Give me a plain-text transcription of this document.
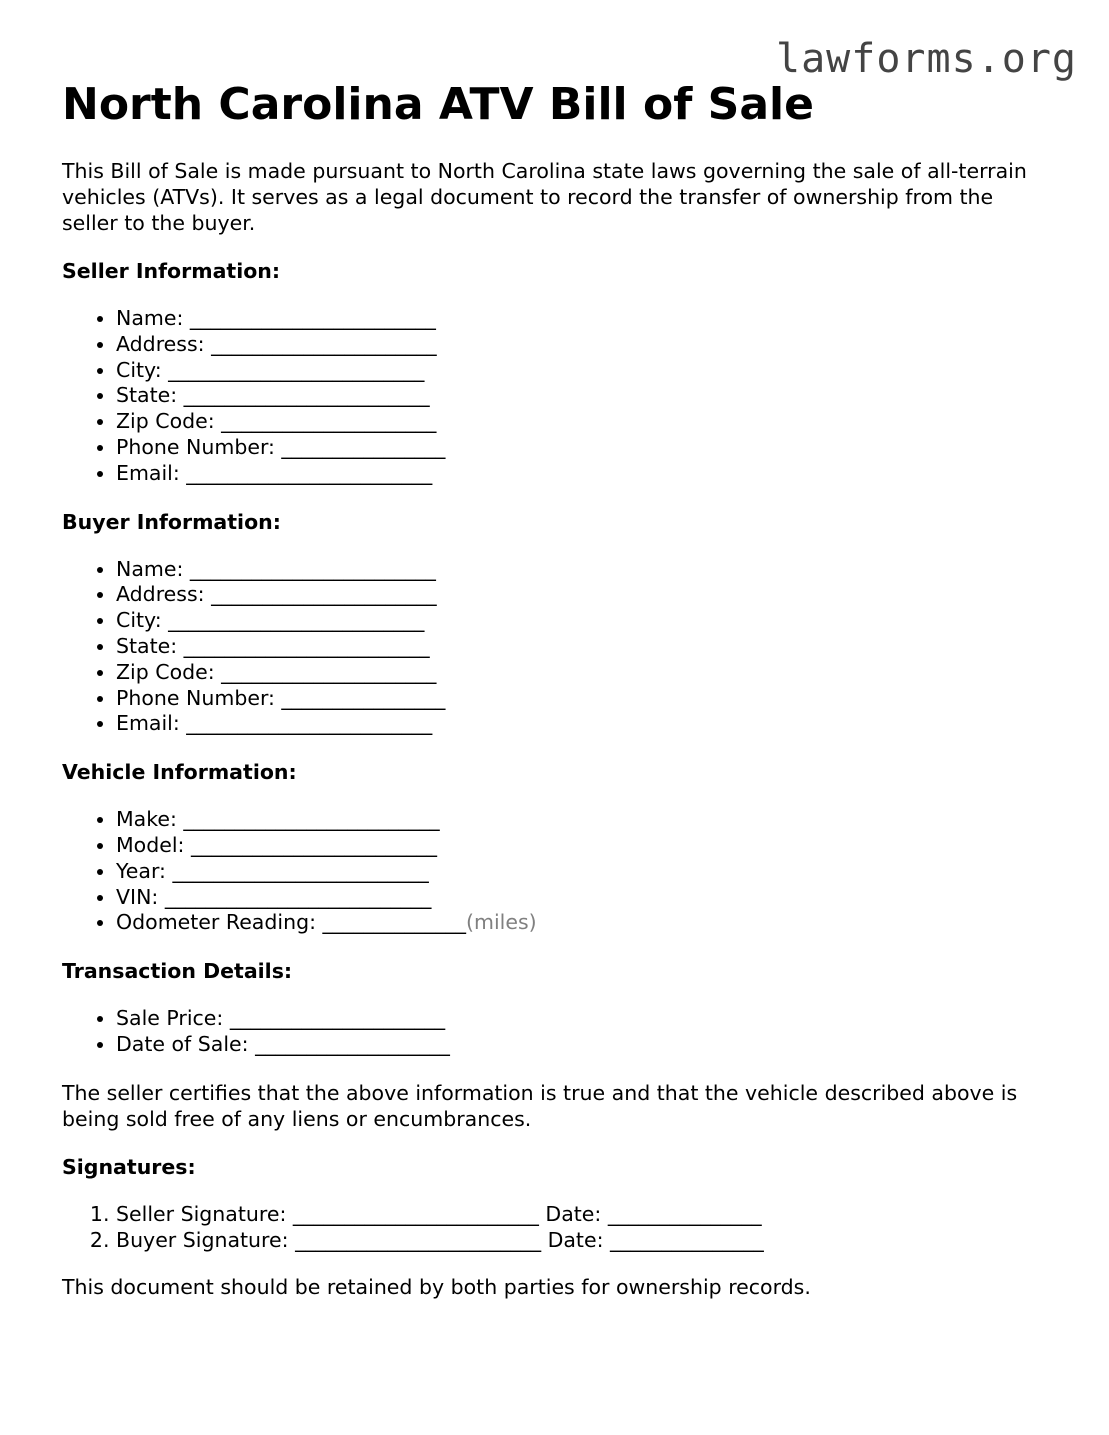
lawforms.org
North Carolina ATV Bill of Sale

This Bill of Sale is made pursuant to North Carolina state laws governing the sale of all-terrain vehicles (ATVs). It serves as a legal document to record the transfer of ownership from the seller to the buyer.

Seller Information:
• Name: ________________________
• Address: ______________________
• City: _________________________
• State: ________________________
• Zip Code: _____________________
• Phone Number: ________________
• Email: ________________________
Buyer Information:
• Name: ________________________
• Address: ______________________
• City: _________________________
• State: ________________________
• Zip Code: _____________________
• Phone Number: ________________
• Email: ________________________
Vehicle Information:
• Make: _________________________
• Model: ________________________
• Year: _________________________
• VIN: __________________________
• Odometer Reading: ______________(miles)
Transaction Details:
• Sale Price: _____________________
• Date of Sale: ___________________

The seller certifies that the above information is true and that the vehicle described above is being sold free of any liens or encumbrances.

Signatures:
1. Seller Signature: ________________________ Date: _______________
2. Buyer Signature: ________________________ Date: _______________

This document should be retained by both parties for ownership records.
